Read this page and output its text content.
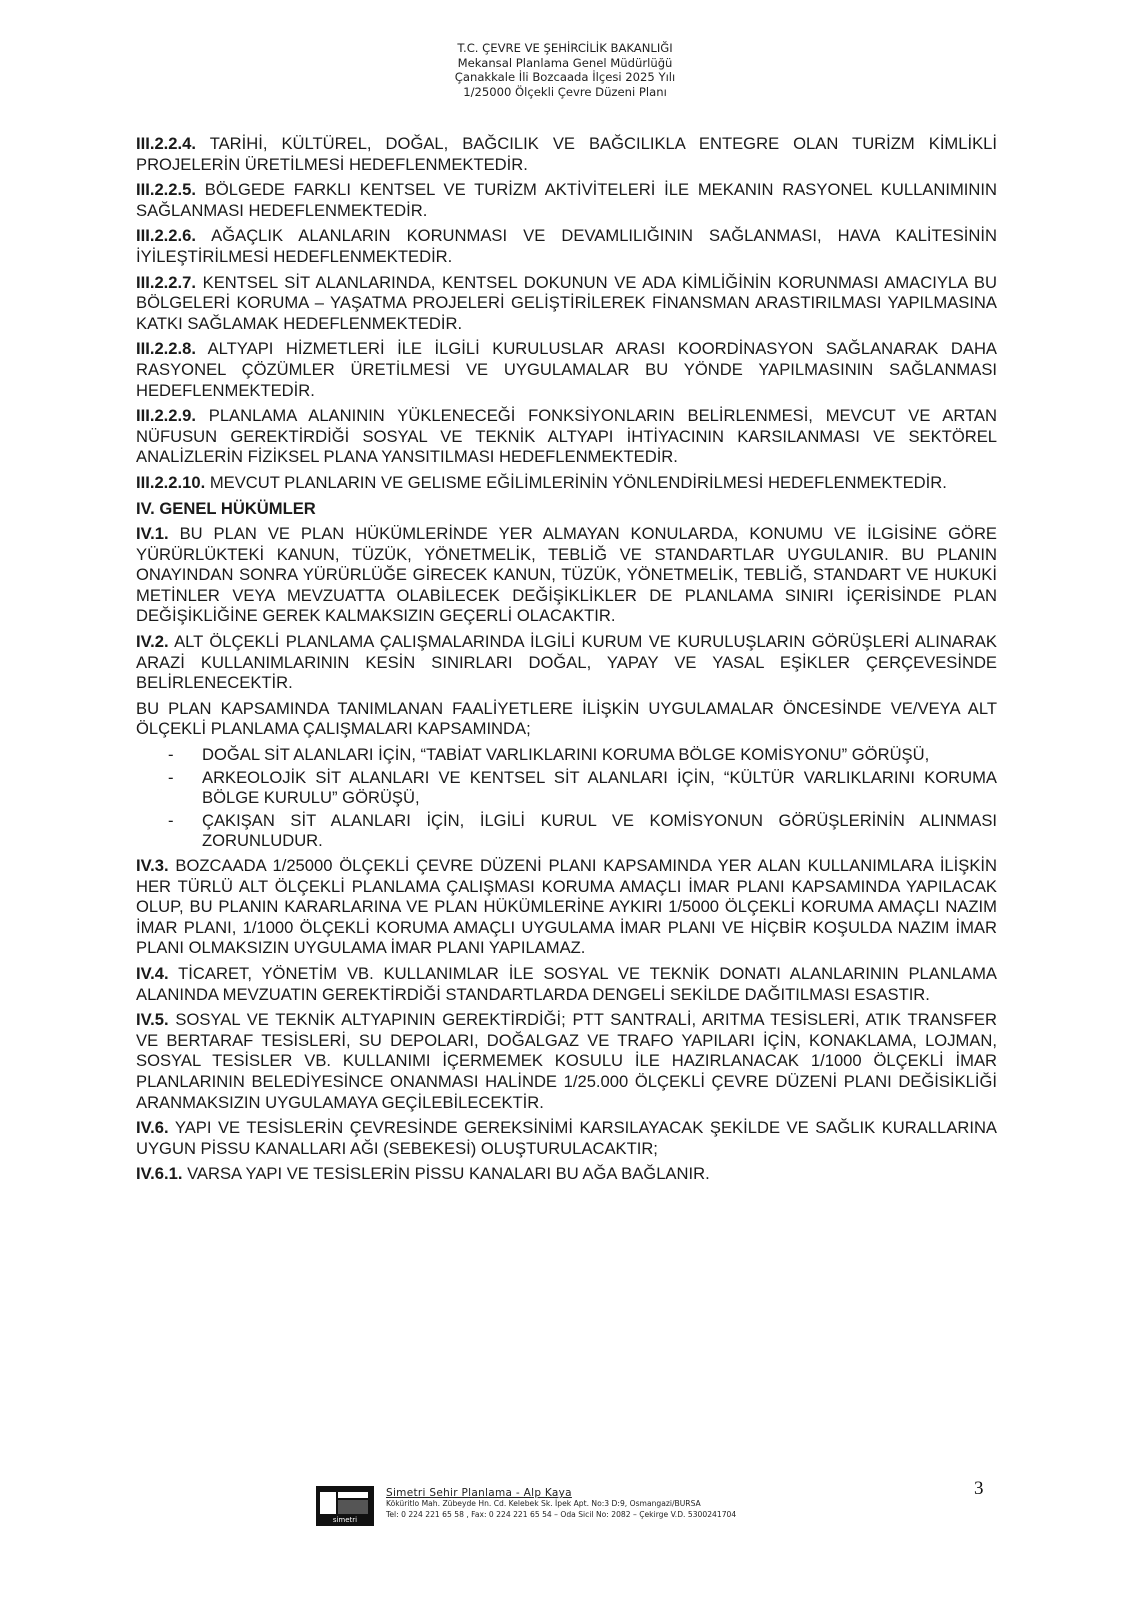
T.C. ÇEVRE VE ŞEHİRCİLİK BAKANLIĞI
Mekansal Planlama Genel Müdürlüğü
Çanakkale İli Bozcaada İlçesi 2025 Yılı
1/25000 Ölçekli Çevre Düzeni Planı

III.2.2.4. TARİHİ, KÜLTÜREL, DOĞAL, BAĞCILIK VE BAĞCILIKLA ENTEGRE OLAN TURİZM KİMLİKLİ PROJELERİN ÜRETİLMESİ HEDEFLENMEKTEDİR.

III.2.2.5. BÖLGEDE FARKLI KENTSEL VE TURİZM AKTİVİTELERİ İLE MEKANIN RASYONEL KULLANIMININ SAĞLANMASI HEDEFLENMEKTEDİR.

III.2.2.6. AĞAÇLIK ALANLARIN KORUNMASI VE DEVAMLILIĞININ SAĞLANMASI, HAVA KALİTESİNİN İYİLEŞTİRİLMESİ HEDEFLENMEKTEDİR.

III.2.2.7. KENTSEL SİT ALANLARINDA, KENTSEL DOKUNUN VE ADA KİMLİĞİNİN KORUNMASI AMACIYLA BU BÖLGELERİ KORUMA – YAŞATMA PROJELERİ GELİŞTİRİLEREK FİNANSMAN ARASTIRILMASI YAPILMASINA KATKI SAĞLAMAK HEDEFLENMEKTEDİR.

III.2.2.8. ALTYAPI HİZMETLERİ İLE İLGİLİ KURULUSLAR ARASI KOORDİNASYON SAĞLANARAK DAHA RASYONEL ÇÖZÜMLER ÜRETİLMESİ VE UYGULAMALAR BU YÖNDE YAPILMASININ SAĞLANMASI HEDEFLENMEKTEDİR.

III.2.2.9. PLANLAMA ALANININ YÜKLENECEĞİ FONKSİYONLARIN BELİRLENMESİ, MEVCUT VE ARTAN NÜFUSUN GEREKTİRDİĞİ SOSYAL VE TEKNİK ALTYAPI İHTİYACININ KARSILANMASI VE SEKTÖREL ANALİZLERİN FİZİKSEL PLANA YANSITILMASI HEDEFLENMEKTEDİR.

III.2.2.10. MEVCUT PLANLARIN VE GELISME EĞİLİMLERİNİN YÖNLENDİRİLMESİ HEDEFLENMEKTEDİR.

IV. GENEL HÜKÜMLER

IV.1. BU PLAN VE PLAN HÜKÜMLERİNDE YER ALMAYAN KONULARDA, KONUMU VE İLGİSİNE GÖRE YÜRÜRLÜKTEKİ KANUN, TÜZÜK, YÖNETMELİK, TEBLİĞ VE STANDARTLAR UYGULANIR. BU PLANIN ONAYINDAN SONRA YÜRÜRLÜĞE GİRECEK KANUN, TÜZÜK, YÖNETMELİK, TEBLİĞ, STANDART VE HUKUKİ METİNLER VEYA MEVZUATTA OLABİLECEK DEĞİŞİKLİKLER DE PLANLAMA SINIRI İÇERİSİNDE PLAN DEĞİŞİKLİĞİNE GEREK KALMAKSIZIN GEÇERLİ OLACAKTIR.

IV.2. ALT ÖLÇEKLİ PLANLAMA ÇALIŞMALARINDA İLGİLİ KURUM VE KURULUŞLARIN GÖRÜŞLERİ ALINARAK ARAZİ KULLANIMLARININ KESİN SINIRLARI DOĞAL, YAPAY VE YASAL EŞİKLER ÇERÇEVESİNDE BELİRLENECEKTİR.

BU PLAN KAPSAMINDA TANIMLANAN FAALİYETLERE İLİŞKİN UYGULAMALAR ÖNCESİNDE VE/VEYA ALT ÖLÇEKLİ PLANLAMA ÇALIŞMALARI KAPSAMINDA;

- DOĞAL SİT ALANLARI İÇİN, “TABİAT VARLIKLARINI KORUMA BÖLGE KOMİSYONU” GÖRÜŞÜ,
- ARKEOLOJİK SİT ALANLARI VE KENTSEL SİT ALANLARI İÇİN, “KÜLTÜR VARLIKLARINI KORUMA BÖLGE KURULU” GÖRÜŞÜ,
- ÇAKIŞAN SİT ALANLARI İÇİN, İLGİLİ KURUL VE KOMİSYONUN GÖRÜŞLERİNİN ALINMASI ZORUNLUDUR.

IV.3. BOZCAADA 1/25000 ÖLÇEKLİ ÇEVRE DÜZENİ PLANI KAPSAMINDA YER ALAN KULLANIMLARA İLİŞKİN HER TÜRLÜ ALT ÖLÇEKLİ PLANLAMA ÇALIŞMASI KORUMA AMAÇLI İMAR PLANI KAPSAMINDA YAPILACAK OLUP, BU PLANIN KARARLARINA VE PLAN HÜKÜMLERİNE AYKIRI 1/5000 ÖLÇEKLİ KORUMA AMAÇLI NAZIM İMAR PLANI, 1/1000 ÖLÇEKLİ KORUMA AMAÇLI UYGULAMA İMAR PLANI VE HİÇBİR KOŞULDA NAZIM İMAR PLANI OLMAKSIZIN UYGULAMA İMAR PLANI YAPILAMAZ.

IV.4. TİCARET, YÖNETİM VB. KULLANIMLAR İLE SOSYAL VE TEKNİK DONATI ALANLARININ PLANLAMA ALANINDA MEVZUATIN GEREKTİRDİĞİ STANDARTLARDA DENGELİ SEKİLDE DAĞITILMASI ESASTIR.

IV.5. SOSYAL VE TEKNİK ALTYAPININ GEREKTİRDİĞİ; PTT SANTRALİ, ARITMA TESİSLERİ, ATIK TRANSFER VE BERTARAF TESİSLERİ, SU DEPOLARI, DOĞALGAZ VE TRAFO YAPILARI İÇİN, KONAKLAMA, LOJMAN, SOSYAL TESİSLER VB. KULLANIMI İÇERMEMEK KOSULU İLE HAZIRLANACAK 1/1000 ÖLÇEKLİ İMAR PLANLARININ BELEDİYESİNCE ONANMASI HALİNDE 1/25.000 ÖLÇEKLİ ÇEVRE DÜZENİ PLANI DEĞİSİKLİĞİ ARANMAKSIZIN UYGULAMAYA GEÇİLEBİLECEKTİR.

IV.6. YAPI VE TESİSLERİN ÇEVRESİNDE GEREKSİNİMİ KARSILAYACAK ŞEKİLDE VE SAĞLIK KURALLARINA UYGUN PİSSU KANALLARI AĞI (SEBEKESİ) OLUŞTURULACAKTIR;

IV.6.1. VARSA YAPI VE TESİSLERİN PİSSU KANALARI BU AĞA BAĞLANIR.

simetri
Simetri Sehir Planlama - Alp Kaya
Köküritlo Mah. Zübeyde Hn. Cd. Kelebek Sk. İpek Apt. No:3 D:9, Osmangazi/BURSA
Tel: 0 224 221 65 58 , Fax: 0 224 221 65 54 – Oda Sicil No: 2082 – Çekirge V.D. 5300241704
3
